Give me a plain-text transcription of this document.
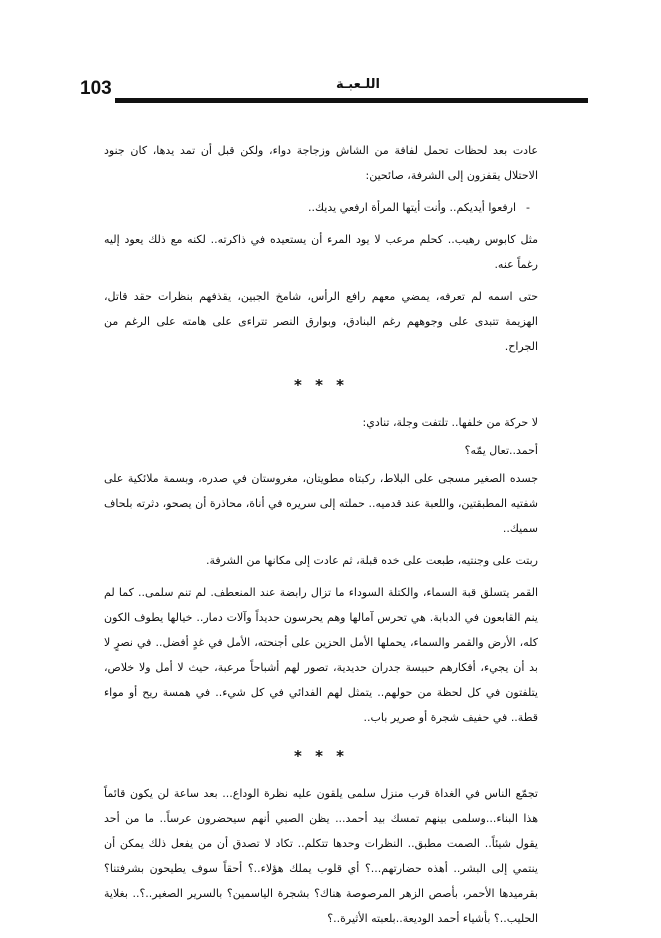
103	اللـعبـة

عادت بعد لحظات تحمل لفافة من الشاش وزجاجة دواء، ولكن قبل أن تمد يدها، كان جنود الاحتلال يقفزون إلى الشرفة، صائحين:

-ارفعوا أيديكم.. وأنت أيتها المرأة ارفعي يديك..

مثل كابوس رهيب.. كحلم مرعب لا يود المرء أن يستعيده في ذاكرته.. لكنه مع ذلك يعود إليه رغماً عنه.

حتى اسمه لم تعرفه، يمضي معهم رافع الرأس، شامخ الجبين، يقذفهم بنظرات حقد قاتل، الهزيمة تتبدى على وجوههم رغم البنادق، وبوارق النصر تتراءى على هامته على الرغم من الجراح.

* * *

لا حركة من خلفها.. تلتفت وجلة، تنادي:

أحمد..تعال يمّه؟

جسده الصغير مسجى على البلاط، ركبتاه مطويتان، مغروستان في صدره، وبسمة ملائكية على شفتيه المطبقتين، واللعبة عند قدميه.. حملته إلى سريره في أناة، محاذرة أن يصحو، دثرته بلحاف سميك..

ربتت على وجنتيه، طبعت على خده قبلة، ثم عادت إلى مكانها من الشرفة.

القمر يتسلق قبة السماء، والكتلة السوداء ما تزال رابضة عند المنعطف. لم تنم سلمى.. كما لم ينم القابعون في الدبابة. هي تحرس آمالها وهم يحرسون حديداً وآلات دمار.. خيالها يطوف الكون كله، الأرض والقمر والسماء، يحملها الأمل الحزين على أجنحته، الأمل في غدٍ أفضل.. في نصرٍ لا بد أن يجيء، أفكارهم حبيسة جدران حديدية، تصور لهم أشباحاً مرعبة، حيث لا أمل ولا خلاص، يتلفتون في كل لحظة من حولهم.. يتمثل لهم الفدائي في كل شيء.. في همسة ريح أو مواء قطة.. في حفيف شجرة أو صرير باب..

* * *

تجمّع الناس في الغداة قرب منزل سلمى يلقون عليه نظرة الوداع... بعد ساعة لن يكون قائماً هذا البناء...وسلمى بينهم تمسك بيد أحمد... يظن الصبي أنهم سيحضرون عرساً.. ما من أحد يقول شيئاً.. الصمت مطبق.. النظرات وحدها تتكلم.. تكاد لا تصدق أن من يفعل ذلك يمكن أن ينتمي إلى البشر.. أهذه حضارتهم...؟ أي قلوب يملك هؤلاء..؟ أحقاً سوف يطيحون بشرفتنا؟ بقرميدها الأحمر، بأصص الزهر المرصوصة هناك؟ بشجرة الياسمين؟ بالسرير الصغير..؟.. بغلاية الحليب..؟ بأشياء أحمد الوديعة..بلعبته الأثيرة..؟
